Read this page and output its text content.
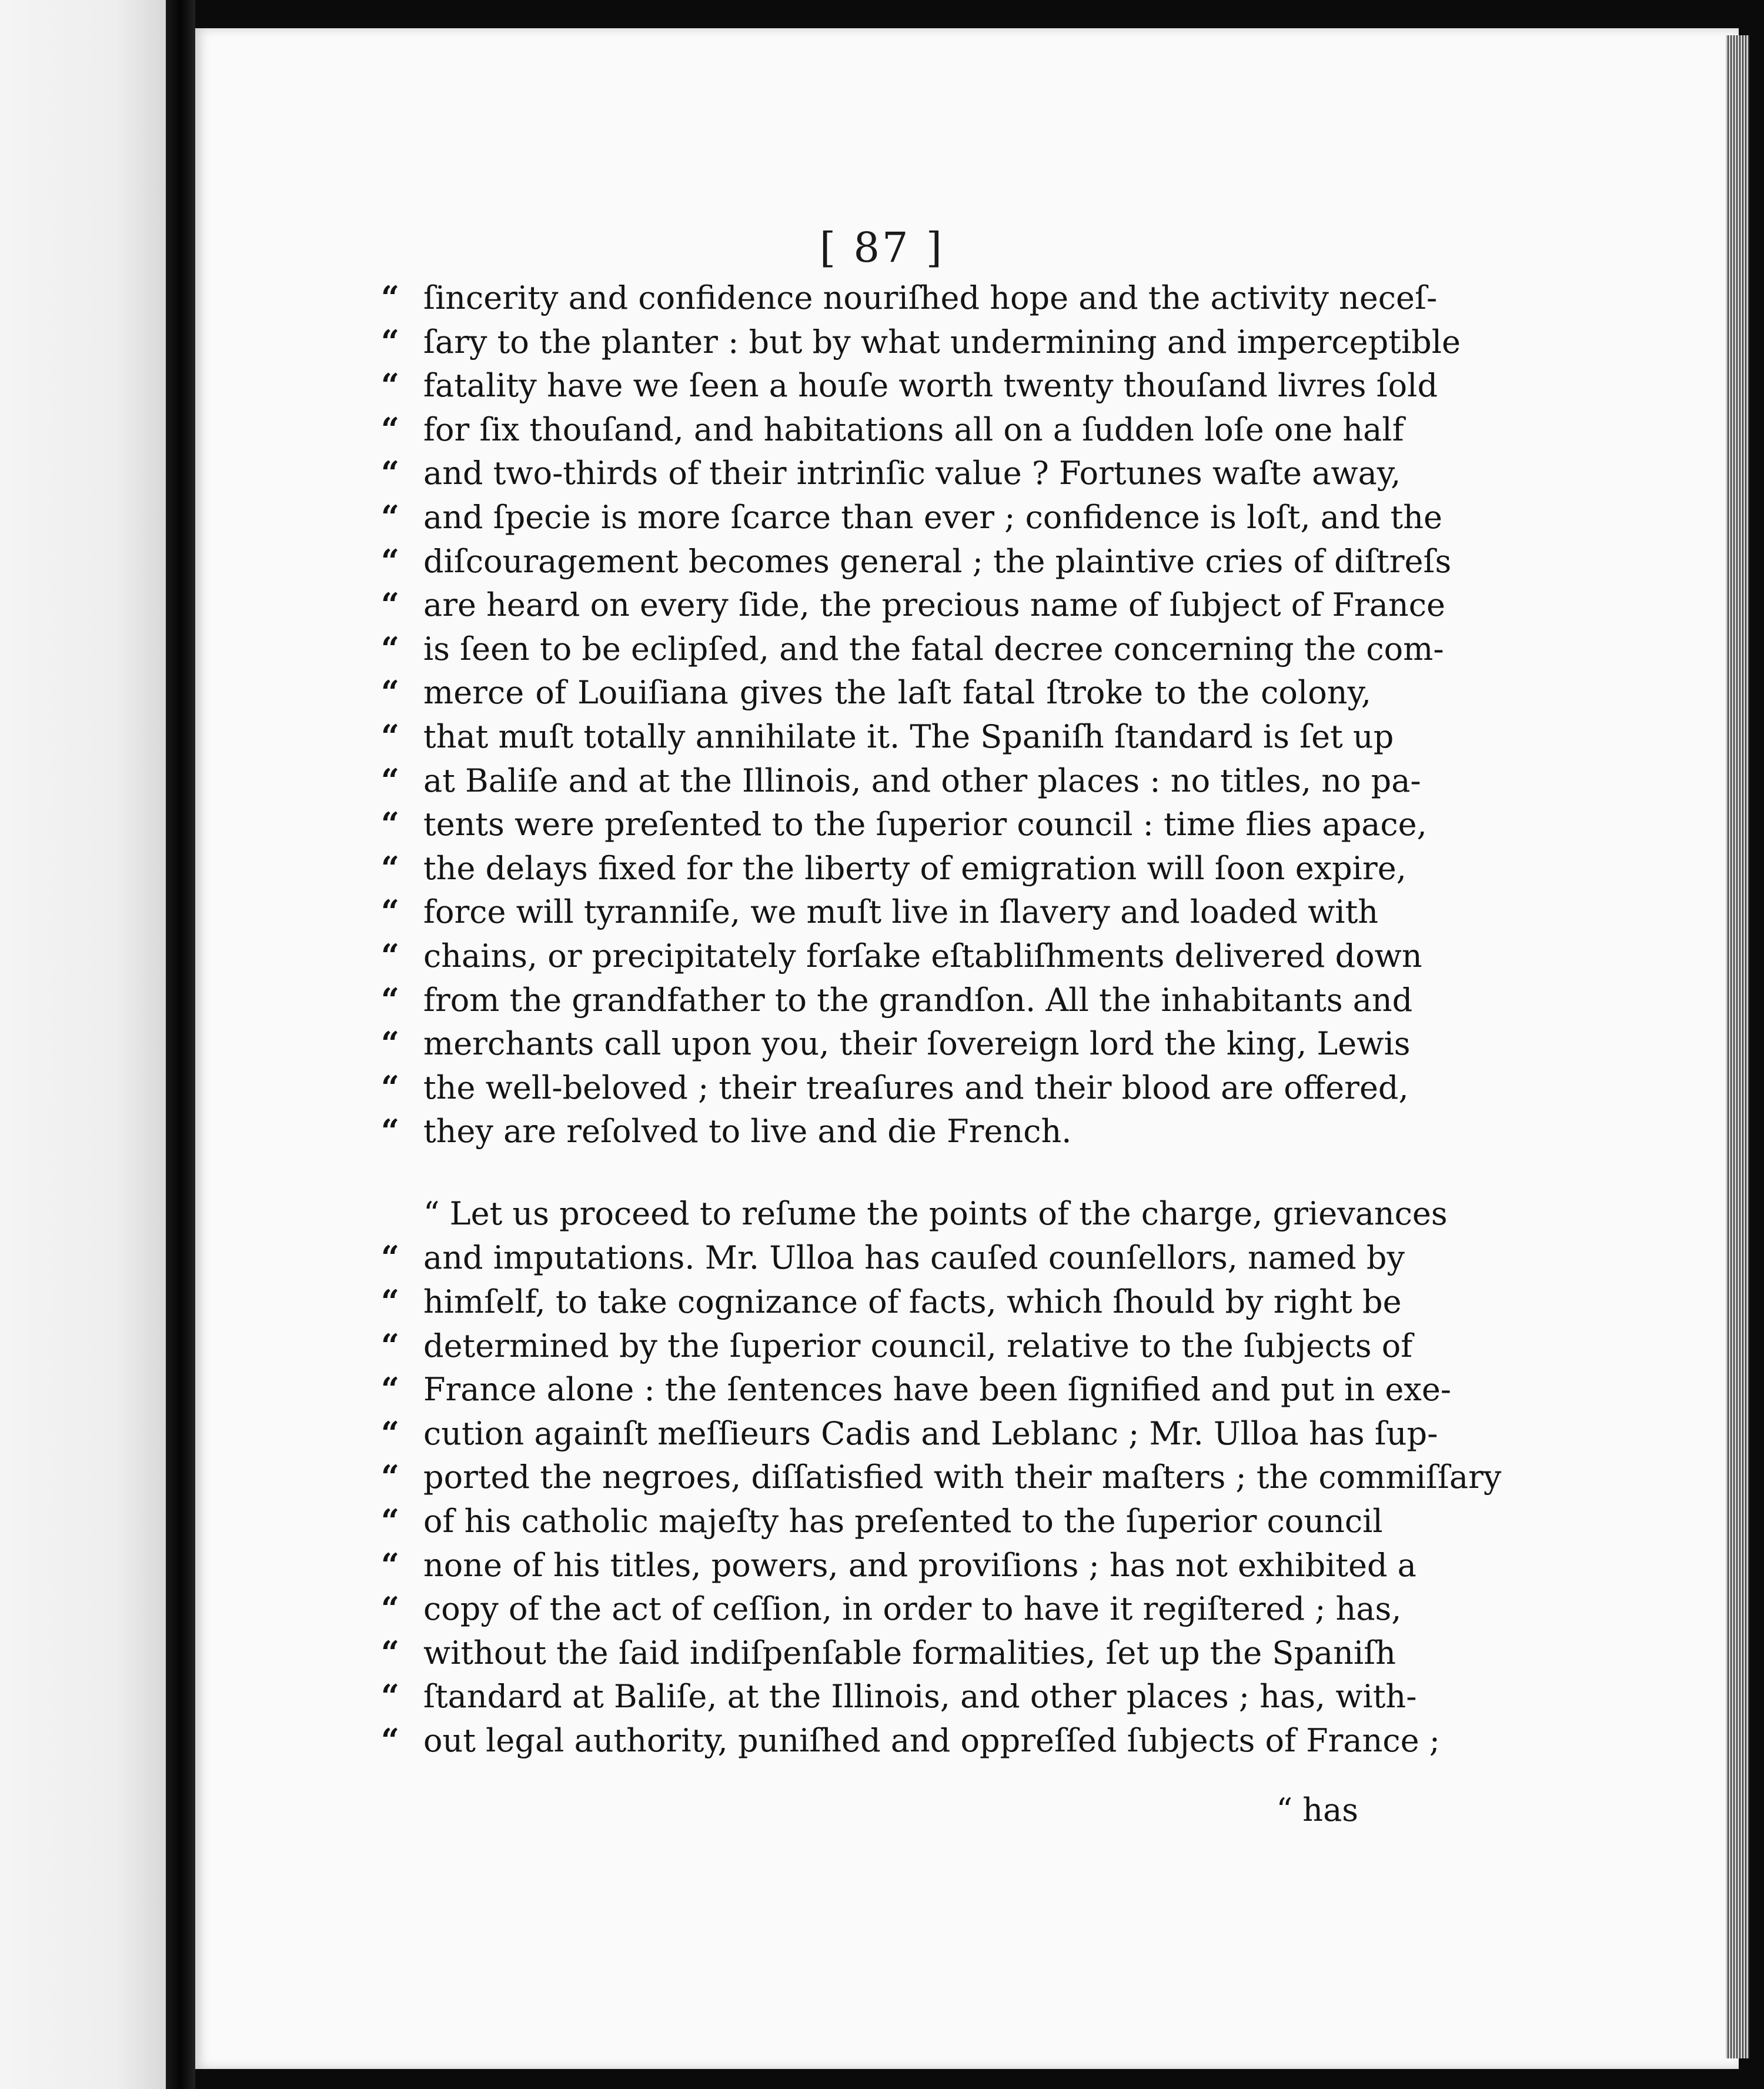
[ 87 ]
“ ſincerity and confidence nouriſhed hope and the activity neceſ-
“ ſary to the planter : but by what undermining and imperceptible
“ fatality have we ſeen a houſe worth twenty thouſand livres ſold
“ for ſix thouſand, and habitations all on a ſudden loſe one half
“ and two-thirds of their intrinſic value ? Fortunes waſte away,
“ and ſpecie is more ſcarce than ever ; confidence is loſt, and the
“ diſcouragement becomes general ; the plaintive cries of diſtreſs
“ are heard on every ſide, the precious name of ſubject of France
“ is ſeen to be eclipſed, and the fatal decree concerning the com-
“ merce of Louiſiana gives the laſt fatal ſtroke to the colony,
“ that muſt totally annihilate it. The Spaniſh ſtandard is ſet up
“ at Baliſe and at the Illinois, and other places : no titles, no pa-
“ tents were preſented to the ſuperior council : time flies apace,
“ the delays fixed for the liberty of emigration will ſoon expire,
“ force will tyranniſe, we muſt live in ſlavery and loaded with
“ chains, or precipitately forſake eſtabliſhments delivered down
“ from the grandfather to the grandſon. All the inhabitants and
“ merchants call upon you, their ſovereign lord the king, Lewis
“ the well-beloved ; their treaſures and their blood are offered,
“ they are reſolved to live and die French.
“ Let us proceed to reſume the points of the charge, grievances
“ and imputations. Mr. Ulloa has cauſed counſellors, named by
“ himſelf, to take cognizance of facts, which ſhould by right be
“ determined by the ſuperior council, relative to the ſubjects of
“ France alone : the ſentences have been ſignified and put in exe-
“ cution againſt meſſieurs Cadis and Leblanc ; Mr. Ulloa has ſup-
“ ported the negroes, diſſatisfied with their maſters ; the commiſſary
“ of his catholic majeſty has preſented to the ſuperior council
“ none of his titles, powers, and proviſions ; has not exhibited a
“ copy of the act of ceſſion, in order to have it regiſtered ; has,
“ without the ſaid indiſpenſable formalities, ſet up the Spaniſh
“ ſtandard at Baliſe, at the Illinois, and other places ; has, with-
“ out legal authority, puniſhed and oppreſſed ſubjects of France ;
“ has
